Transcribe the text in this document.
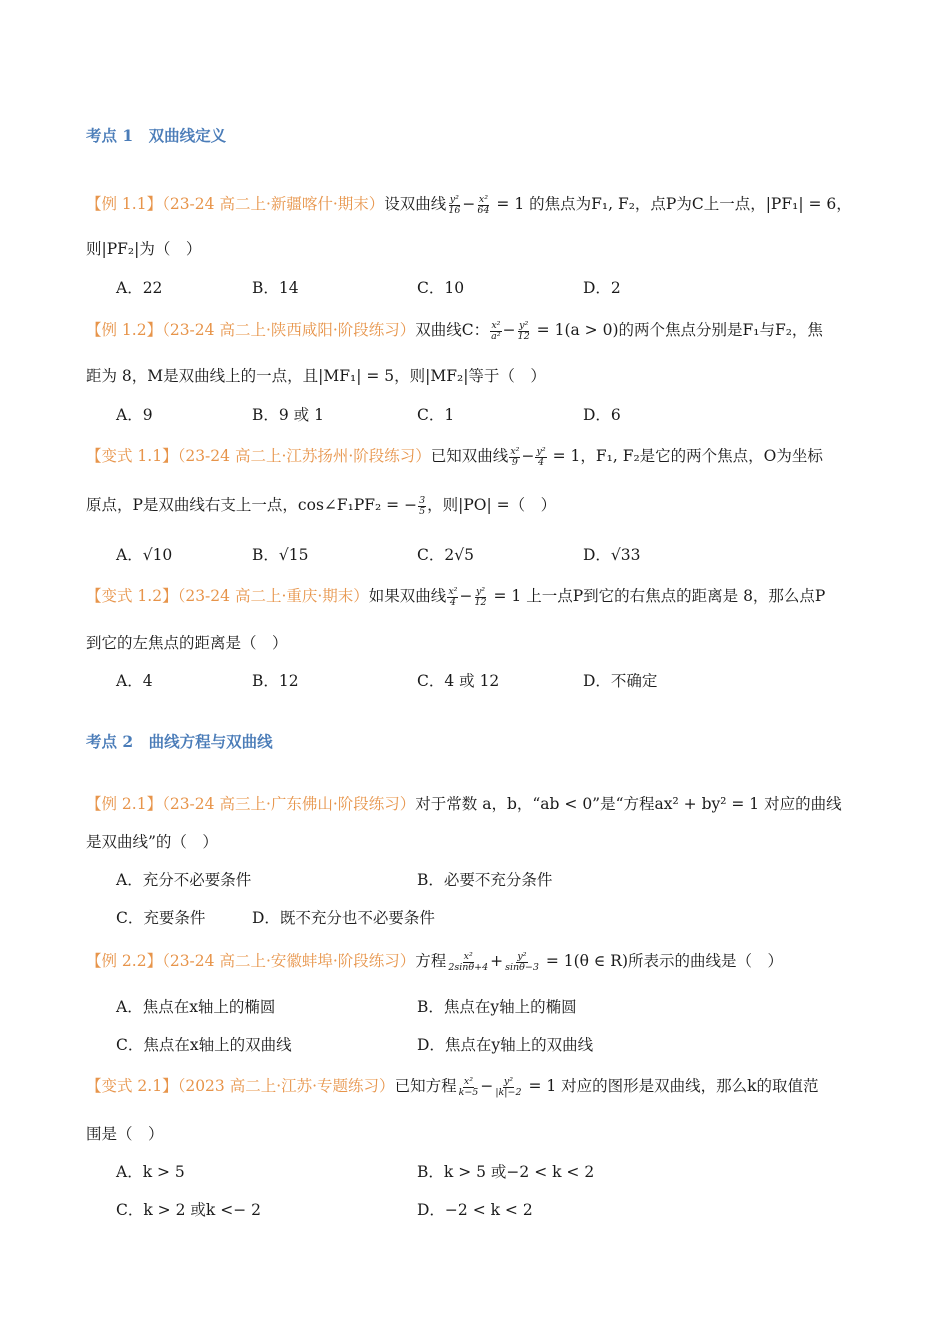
考点 1　双曲线定义
【例 1.1】（23-24 高二上·新疆喀什·期末）设双曲线 $\frac{\text{y²}}{16} - \frac{\text{x²}}{64} = 1$ 的焦点为F₁, F₂，点P为C上一点，|PF₁| = 6，
则|PF₂|为（　）
A．22	B．14	C．10	D．2
【例 1.2】（23-24 高二上·陕西咸阳·阶段练习）双曲线C： $\frac{\text{x²}}{\text{a²}} - \frac{\text{y²}}{12} = 1(a > 0)$的两个焦点分别是F₁与F₂，焦
距为 8，M是双曲线上的一点，且|MF₁| = 5，则|MF₂|等于（　）
A．9	B．9 或 1	C．1	D．6
【变式 1.1】（23-24 高二上·江苏扬州·阶段练习）已知双曲线 $\frac{\text{x²}}{9} - \frac{\text{y²}}{4} = 1$，F₁, F₂是它的两个焦点，O为坐标
原点，P是双曲线右支上一点，cos∠F₁PF₂ = − $\frac{3}{5}$ ，则|PO| =（　）
A．√10	B．√15	C．2√5	D．√33
【变式 1.2】（23-24 高二上·重庆·期末）如果双曲线 $\frac{\text{x²}}{4} - \frac{\text{y²}}{12} = 1$ 上一点P到它的右焦点的距离是 8，那么点P
到它的左焦点的距离是（　）
A．4	B．12	C．4 或 12	D．不确定
考点 2　曲线方程与双曲线
【例 2.1】（23-24 高三上·广东佛山·阶段练习）对于常数 a，b，“ab < 0”是“方程ax² + by² = 1 对应的曲线
是双曲线”的（　）
A．充分不必要条件	B．必要不充分条件
C．充要条件	D．既不充分也不必要条件
【例 2.2】（23-24 高二上·安徽蚌埠·阶段练习）方程 $\frac{\text{x²}}{2\sin\theta+4} + \frac{\text{y²}}{\sin\theta-3} = 1(\theta$ ∈ R)所表示的曲线是（　）
A．焦点在x轴上的椭圆	B．焦点在y轴上的椭圆
C．焦点在x轴上的双曲线	D．焦点在y轴上的双曲线
【变式 2.1】（2023 高二上·江苏·专题练习）已知方程 $\frac{\text{x²}}{k-5} - \frac{\text{y²}}{|k|-2} = 1$ 对应的图形是双曲线，那么k的取值范
围是（　）
A．k > 5	B．k > 5 或−2 < k < 2
C．k > 2 或k <− 2	D．−2 < k < 2
